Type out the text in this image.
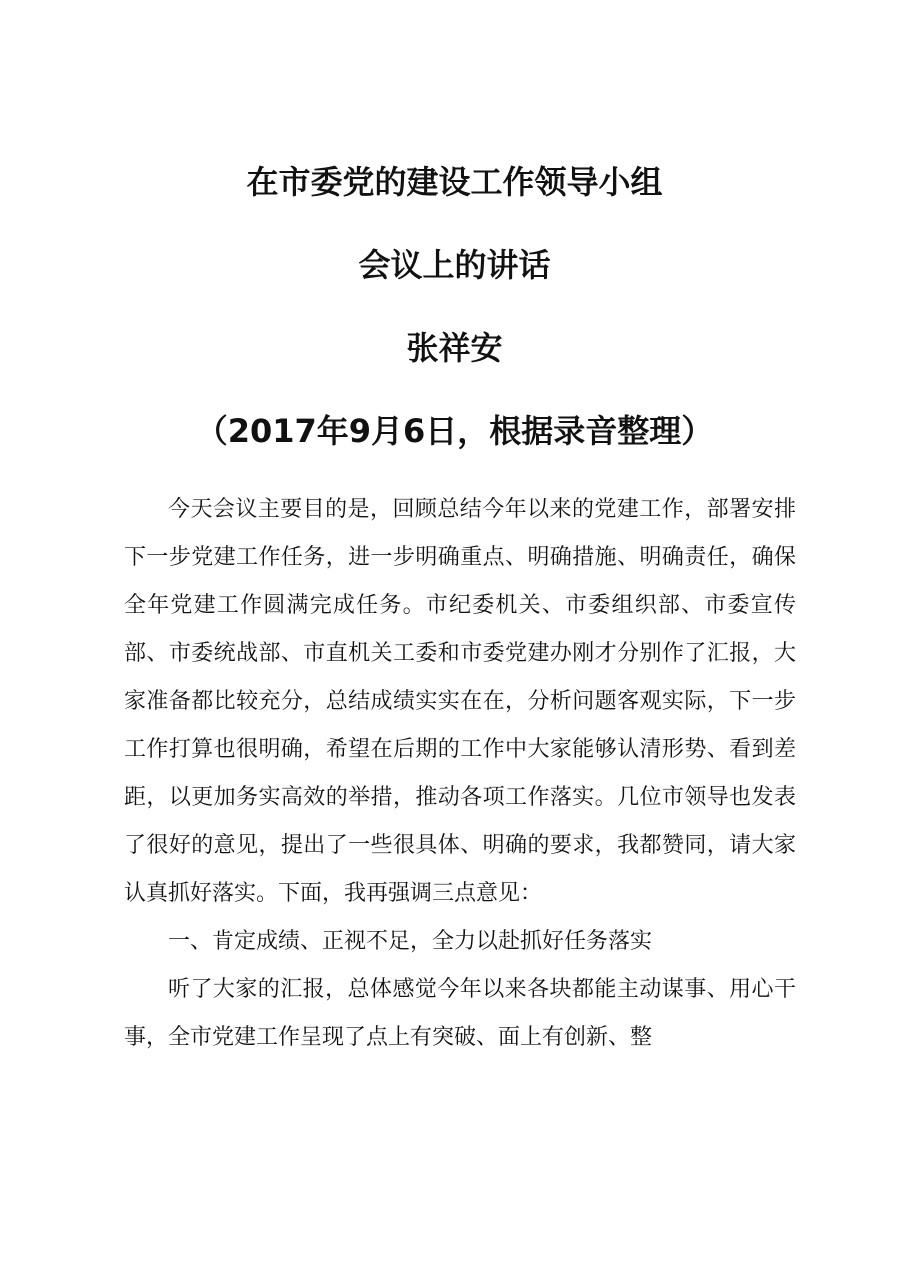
在市委党的建设工作领导小组
会议上的讲话
张祥安
（2017年9月6日，根据录音整理）

今天会议主要目的是，回顾总结今年以来的党建工作，部署安排下一步党建工作任务，进一步明确重点、明确措施、明确责任，确保全年党建工作圆满完成任务。市纪委机关、市委组织部、市委宣传部、市委统战部、市直机关工委和市委党建办刚才分别作了汇报，大家准备都比较充分，总结成绩实实在在，分析问题客观实际，下一步工作打算也很明确，希望在后期的工作中大家能够认清形势、看到差距，以更加务实高效的举措，推动各项工作落实。几位市领导也发表了很好的意见，提出了一些很具体、明确的要求，我都赞同，请大家认真抓好落实。下面，我再强调三点意见：

一、肯定成绩、正视不足，全力以赴抓好任务落实

听了大家的汇报，总体感觉今年以来各块都能主动谋事、用心干事，全市党建工作呈现了点上有突破、面上有创新、整
